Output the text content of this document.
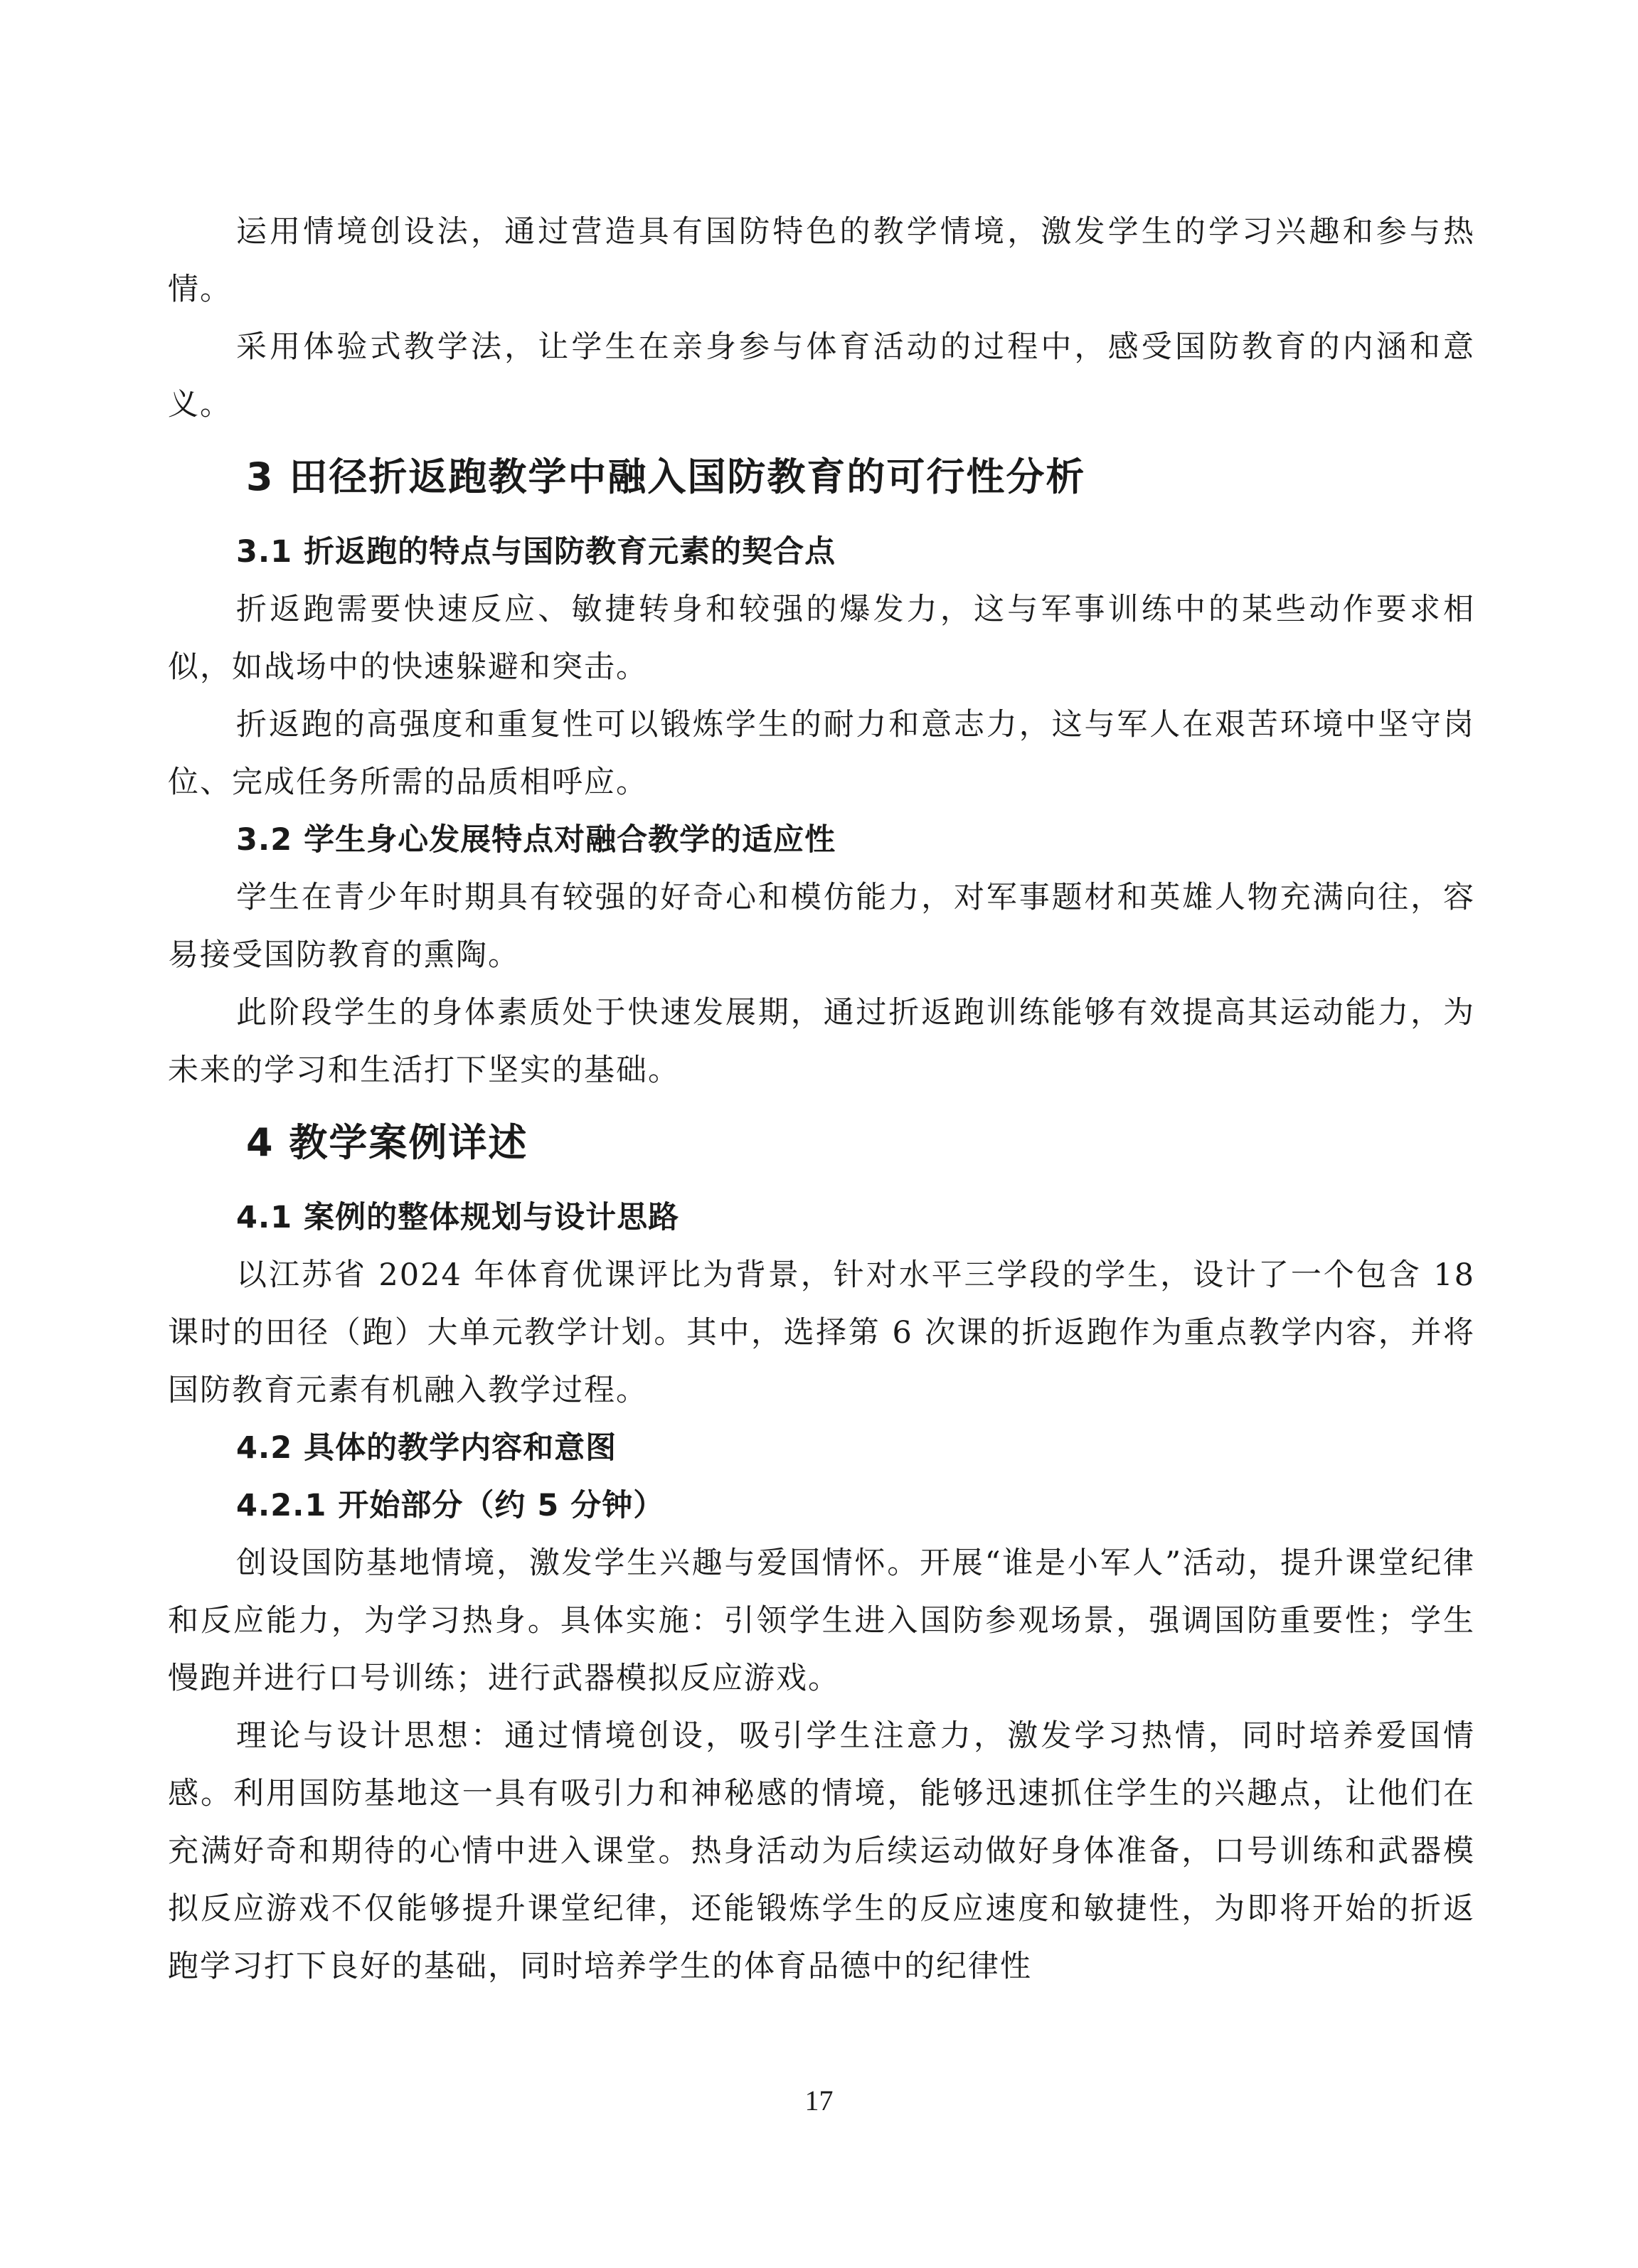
运用情境创设法，通过营造具有国防特色的教学情境，激发学生的学习兴趣和参与热情。

采用体验式教学法，让学生在亲身参与体育活动的过程中，感受国防教育的内涵和意义。

3 田径折返跑教学中融入国防教育的可行性分析
3.1 折返跑的特点与国防教育元素的契合点

折返跑需要快速反应、敏捷转身和较强的爆发力，这与军事训练中的某些动作要求相似，如战场中的快速躲避和突击。

折返跑的高强度和重复性可以锻炼学生的耐力和意志力，这与军人在艰苦环境中坚守岗位、完成任务所需的品质相呼应。

3.2 学生身心发展特点对融合教学的适应性

学生在青少年时期具有较强的好奇心和模仿能力，对军事题材和英雄人物充满向往，容易接受国防教育的熏陶。

此阶段学生的身体素质处于快速发展期，通过折返跑训练能够有效提高其运动能力，为未来的学习和生活打下坚实的基础。

4 教学案例详述
4.1 案例的整体规划与设计思路

以江苏省 2024 年体育优课评比为背景，针对水平三学段的学生，设计了一个包含 18 课时的田径（跑）大单元教学计划。其中，选择第 6 次课的折返跑作为重点教学内容，并将国防教育元素有机融入教学过程。

4.2 具体的教学内容和意图
4.2.1 开始部分（约 5 分钟）

创设国防基地情境，激发学生兴趣与爱国情怀。开展“谁是小军人”活动，提升课堂纪律和反应能力，为学习热身。具体实施：引领学生进入国防参观场景，强调国防重要性；学生慢跑并进行口号训练；进行武器模拟反应游戏。

理论与设计思想：通过情境创设，吸引学生注意力，激发学习热情，同时培养爱国情感。利用国防基地这一具有吸引力和神秘感的情境，能够迅速抓住学生的兴趣点，让他们在充满好奇和期待的心情中进入课堂。热身活动为后续运动做好身体准备，口号训练和武器模拟反应游戏不仅能够提升课堂纪律，还能锻炼学生的反应速度和敏捷性，为即将开始的折返跑学习打下良好的基础，同时培养学生的体育品德中的纪律性

17
